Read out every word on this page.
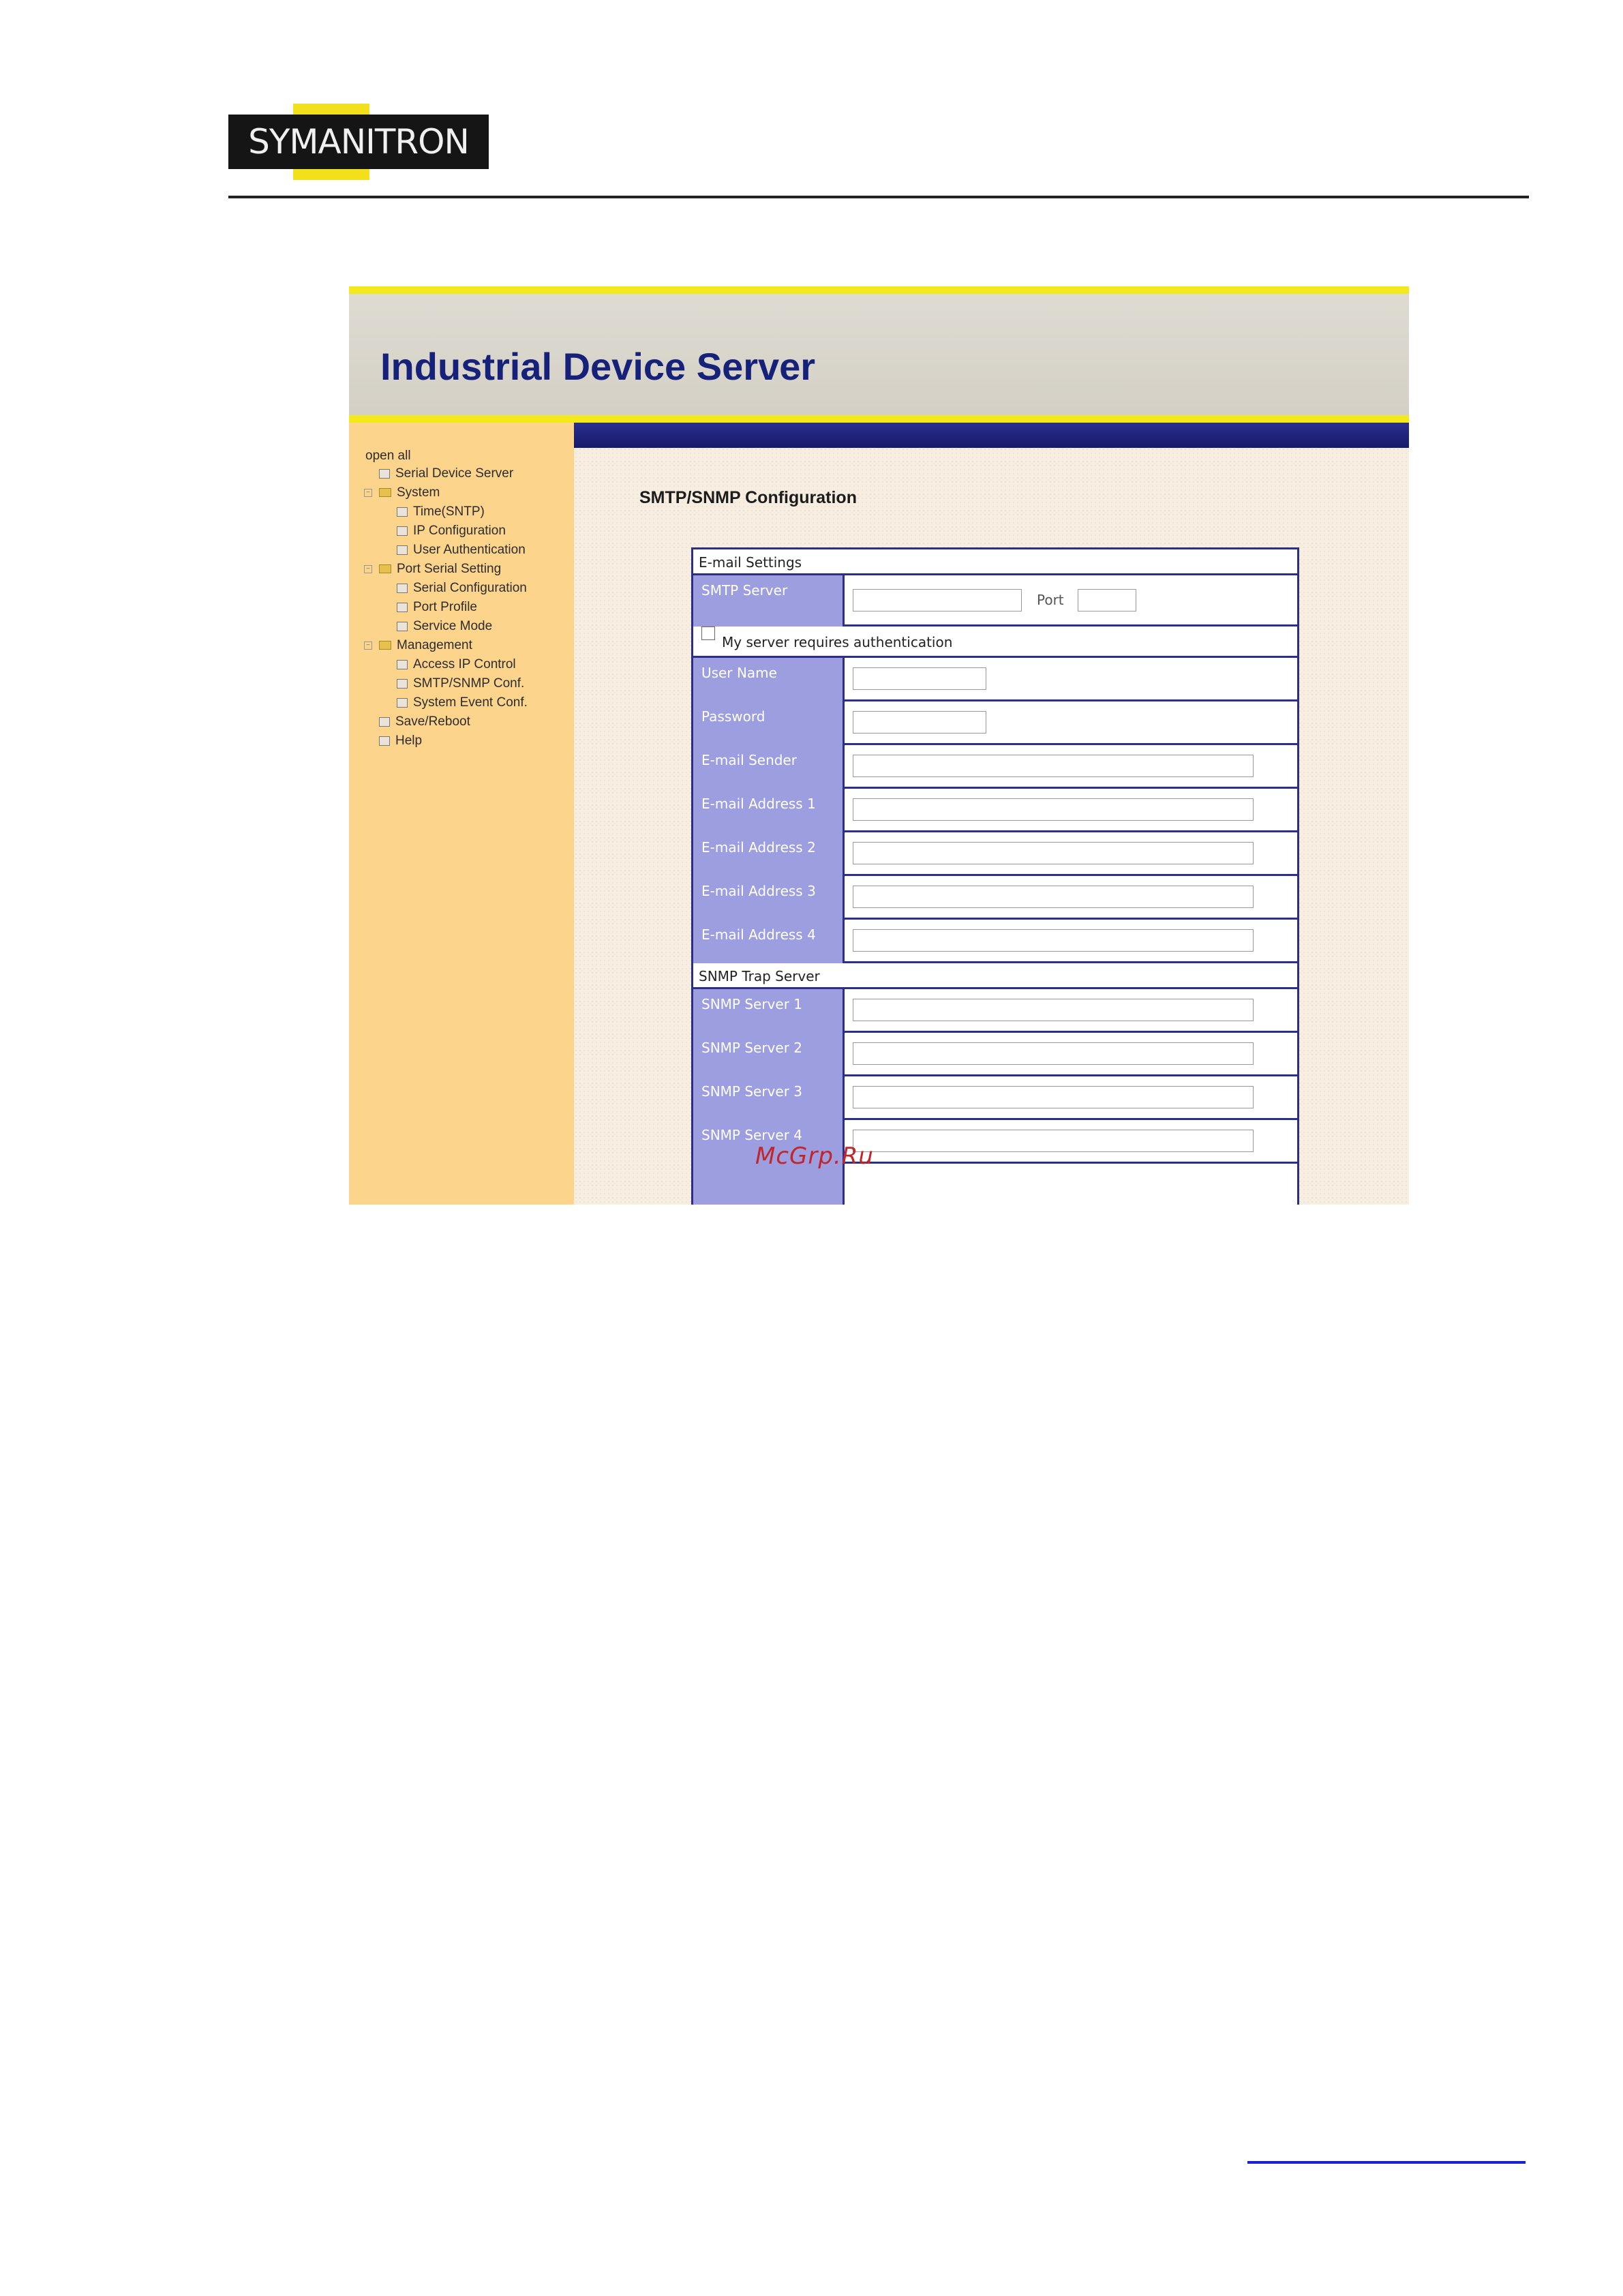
SYMANITRON
Industrial Device Server
open all
Serial Device Server
− System
Time(SNTP)
IP Configuration
User Authentication
− Port Serial Setting
Serial Configuration
Port Profile
Service Mode
− Management
Access IP Control
SMTP/SNMP Conf.
System Event Conf.
Save/Reboot
Help
SMTP/SNMP Configuration
E-mail Settings
SMTP Server
Port
My server requires authentication
User Name
Password
E-mail Sender
E-mail Address 1
E-mail Address 2
E-mail Address 3
E-mail Address 4
SNMP Trap Server
SNMP Server 1
SNMP Server 2
SNMP Server 3
SNMP Server 4
McGrp.Ru
